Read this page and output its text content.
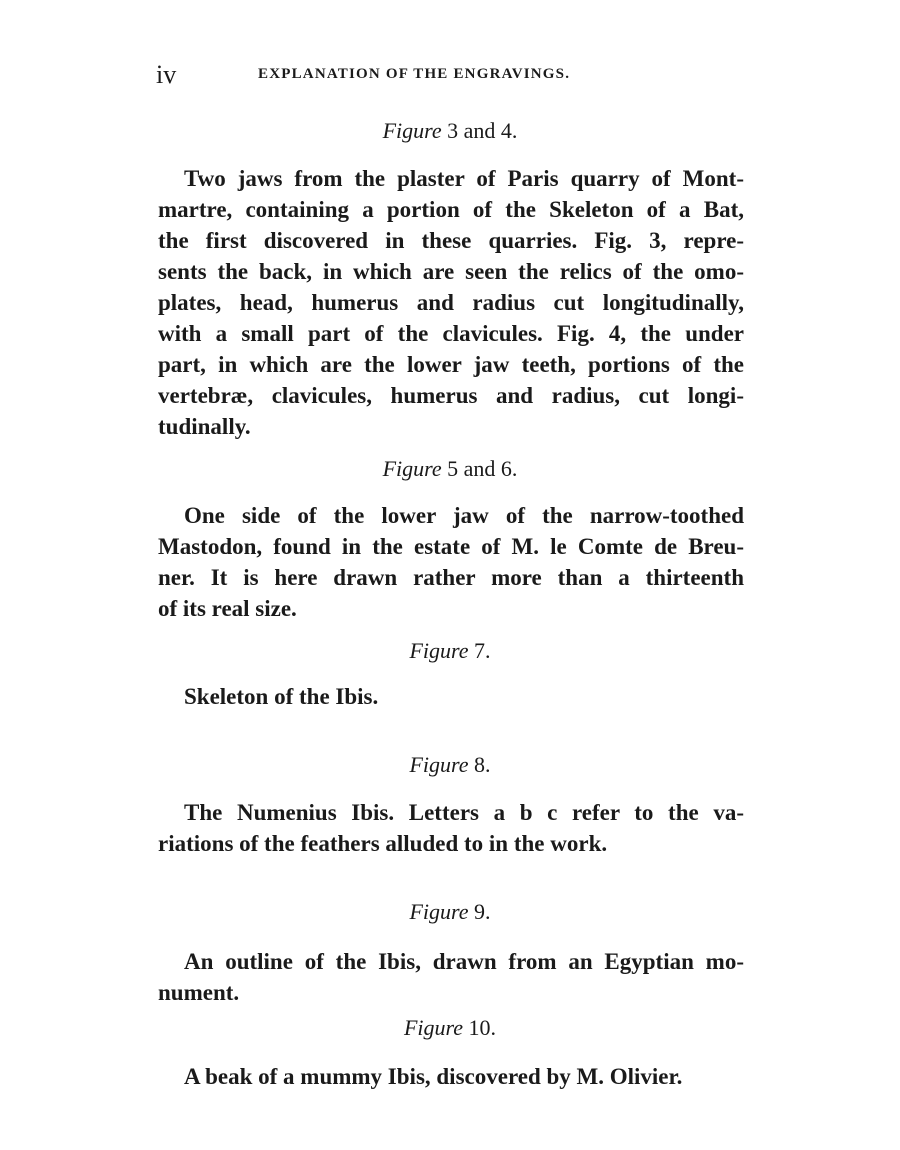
iv	EXPLANATION OF THE ENGRAVINGS.
Figure 3 and 4.
Two jaws from the plaster of Paris quarry of Mont-
martre, containing a portion of the Skeleton of a Bat,
the first discovered in these quarries. Fig. 3, repre-
sents the back, in which are seen the relics of the omo-
plates, head, humerus and radius cut longitudinally,
with a small part of the clavicules. Fig. 4, the under
part, in which are the lower jaw teeth, portions of the
vertebræ, clavicules, humerus and radius, cut longi-
tudinally.
Figure 5 and 6.
One side of the lower jaw of the narrow-toothed
Mastodon, found in the estate of M. le Comte de Breu-
ner. It is here drawn rather more than a thirteenth
of its real size.
Figure 7.
Skeleton of the Ibis.
Figure 8.
The Numenius Ibis. Letters a b c refer to the va-
riations of the feathers alluded to in the work.
Figure 9.
An outline of the Ibis, drawn from an Egyptian mo-
nument.
Figure 10.
A beak of a mummy Ibis, discovered by M. Olivier.
